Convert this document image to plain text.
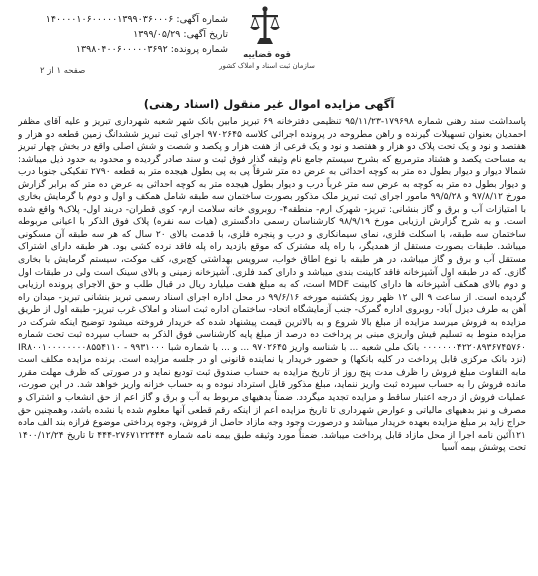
قوه قضاییه
سازمان ثبت اسناد و املاک کشور
شماره آگهی: ۱۴۰۰۰۰۱۰۶۰۰۰۰۰۱۳۹۹۰۳۶۰۰۰۶
تاریخ آگهی: ۱۳۹۹/۰۵/۲۹
شماره پرونده: ۱۳۹۸۰۴۰۰۶۰۰۰۰۰۳۶۹۲
صفحه ۱ از ۲
آگهی مزایده اموال غیر منقول (اسناد رهنی)
پاسداشت سند رهنی شماره ۱۷۹۶۹۸-۹۵/۱۱/۲۳ تنظیمی دفترخانه ۶۹ تبریز مابین بانک شهر شعبه شهرداری تبریز و علیه آقای مظفر احمدیان بعنوان تسهیلات گیرنده و راهن مطروحه در پرونده اجرائی کلاسه ۹۷۰۲۶۴۵ اجرای ثبت تبریز ششدانگ زمین قطعه دو هزار و هفتصد و نود و یک تحت پلاک دو هزار و هفتصد و نود و یک فرعی از هفت هزار و پکصد و شصت و شش اصلی واقع در بخش چهار تبریز به مساحت یکصد و هشتاد مترمربع که بشرح سیستم جامع نام وثیقه گذار فوق ثبت و سند صادر گردیده و محدود به حدود ذیل میباشد: شمالا دیوار و دیوار بطول ده متر به کوچه احداثی به عرض ده متر شرقاً پی به پی بطول هیجده متر به قطعه ۲۷۹۰ تفکیکی جنوبا درب و دیوار بطول ده متر به کوچه به عرض سه متر غرباً درب و دیوار بطول هیجده متر به کوچه احداثی به عرض ده متر که برابر گزارش مورخ ۹۷/۸/۱۲ و ۹۹/۵/۲۸ مامور اجرای ثبت تبریز ملک مذکور بصورت ساختمان سه طبقه شامل همکف و اول و دوم با گرمایش بخاری با امتیازات آب و برق و گاز بنشانی: تبریز- شهرک ارم- منطقه۴- روبروی خانه سلامت ارم- کوی قطران- دربند اول- پلاک۹ واقع شده است. و به شرح گزارش ارزیابی مورخ ۹۸/۹/۱۹ کارشناسان رسمی دادگستری (هیات سه نفره) پلاک فوق الذکر با اعیانی مربوطه ساختمان سه طبقه، با اسکلت فلزی، نمای سیمانکاری و درب و پنجره فلزی، با قدمت بالای ۲۰ سال که هر سه طبقه آن مسکونی میباشد. طبقات بصورت مستقل از همدیگر، با راه پله مشترک که موقع بازدید راه پله فاقد نرده کشی بود. هر طبقه دارای اشتراک مستقل آب و برق و گاز میباشد، در هر طبقه با نوع اطاق خواب، سرویس بهداشتی کچ‌بری، کف موکت، سیستم گرمایش با بخاری گازی. که در طبقه اول آشپزخانه فاقد کابینت بندی میباشد و دارای کمد فلزی. آشپزخانه زمینی و بالای سینک است ولی در طبقات اول و دوم بالای همکف آشپزخانه ها دارای کابینت MDF است، که به مبلغ هفت میلیارد ریال در قبال طلب و حق الاجرای پرونده ارزیابی گردیده است. از ساعت ۹ الی ۱۲ ظهر روز یکشنبه مورخه ۹۹/۶/۱۶ در محل اداره اجرای اسناد رسمی تبریز بنشانی تبریز- میدان راه آهن به طرف دیزل آباد- روبروی اداره گمرک- جنب آزمایشگاه اتحاد- ساختمان اداره ثبت اسناد و املاک غرب تبریز- طبقه اول از طریق مزایده به فروش میرسد مزایده از مبلغ بالا شروع و به بالاترین قیمت پیشنهاد شده که خریدار فروخته میشود توضیح اینکه شرکت در مزایده منوط به تسلیم فیش واریزی مبنی بر پرداخت ده درصد از مبلغ پایه کارشناسی فوق الذکر به حساب سپرده ثبت تحت شماره ۰۰۰۰۰۰۰۴۲۲۰۸۹۳۶۷۴۵۷۶۰ بانک ملی شعبه ... با شناسه واریز ۹۷۰۲۶۴۵ ... و ... با شماره شبا IR۸۰۰۱۰۰۰۰۰۰۰۰۸۵۵۴۱۱۰ - ۹۹۳۱۰۰۰ (نزد بانک مرکزی قابل پرداخت در کلیه بانکها) و حضور خریدار یا نماینده قانونی او در جلسه مزایده است. برنده مزایده مکلف است مابه التفاوت مبلغ فروش را ظرف مدت پنج روز از تاریخ مزایده به حساب صندوق ثبت تودیع نماید و در صورتی که ظرف مهلت مقرر مانده فروش را به حساب سپرده ثبت واریز ننماید، مبلغ مذکور قابل استرداد نبوده و به حساب خزانه واریز خواهد شد. در این صورت، عملیات فروش از درجه اعتبار ساقط و مزایده تجدید میگردد. ضمناً بدهیهای مربوط به آب و برق و گاز اعم از حق انشعاب و اشتراک و مصرف و نیز بدهیهای مالیاتی و عوارض شهرداری تا تاریخ مزایده اعم از اینکه رقم قطعی آنها معلوم شده یا نشده باشد، وهمچنین حق حراج زاید بر مبلغ مزایده بعهده خریدار میباشد و درصورت وجود وجه مازاد حاصل از فروش، وجوه پرداختی موضوع فرازه بند الف ماده ۱۲۱آئین نامه اجرا از محل مازاد قابل پرداخت میباشد. ضمناً مورد وثیقه طبق بیمه نامه شماره ۲۷۶۷۱۲۲۴۴۴-۴۴۴ تا تاریخ ۱۴۰۰/۱۲/۲۴ تحت پوشش بیمه آسیا
